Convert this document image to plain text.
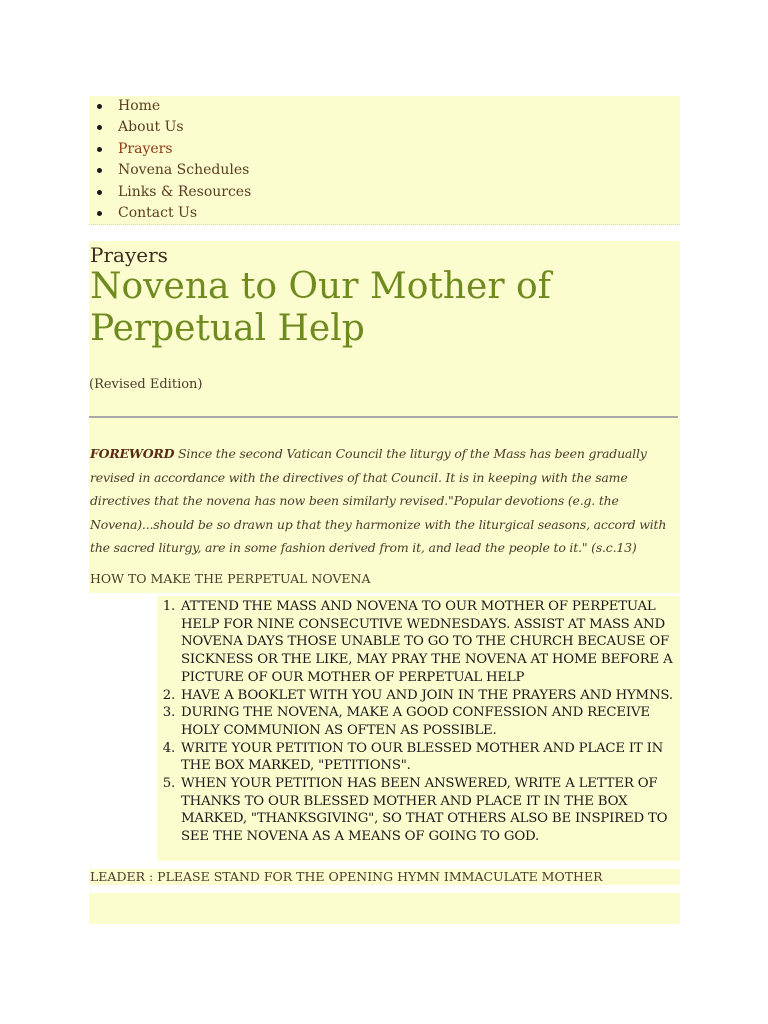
Home
About Us
Prayers
Novena Schedules
Links & Resources
Contact Us
Prayers
Novena to Our Mother of Perpetual Help
(Revised Edition)
FOREWORD Since the second Vatican Council the liturgy of the Mass has been gradually revised in accordance with the directives of that Council. It is in keeping with the same directives that the novena has now been similarly revised."Popular devotions (e.g. the Novena)...should be so drawn up that they harmonize with the liturgical seasons, accord with the sacred liturgy, are in some fashion derived from it, and lead the people to it." (s.c.13)
HOW TO MAKE THE PERPETUAL NOVENA
1. ATTEND THE MASS AND NOVENA TO OUR MOTHER OF PERPETUAL HELP FOR NINE CONSECUTIVE WEDNESDAYS. ASSIST AT MASS AND NOVENA DAYS THOSE UNABLE TO GO TO THE CHURCH BECAUSE OF SICKNESS OR THE LIKE, MAY PRAY THE NOVENA AT HOME BEFORE A PICTURE OF OUR MOTHER OF PERPETUAL HELP
2. HAVE A BOOKLET WITH YOU AND JOIN IN THE PRAYERS AND HYMNS.
3. DURING THE NOVENA, MAKE A GOOD CONFESSION AND RECEIVE HOLY COMMUNION AS OFTEN AS POSSIBLE.
4. WRITE YOUR PETITION TO OUR BLESSED MOTHER AND PLACE IT IN THE BOX MARKED, "PETITIONS".
5. WHEN YOUR PETITION HAS BEEN ANSWERED, WRITE A LETTER OF THANKS TO OUR BLESSED MOTHER AND PLACE IT IN THE BOX MARKED, "THANKSGIVING", SO THAT OTHERS ALSO BE INSPIRED TO SEE THE NOVENA AS A MEANS OF GOING TO GOD.
LEADER : PLEASE STAND FOR THE OPENING HYMN IMMACULATE MOTHER
